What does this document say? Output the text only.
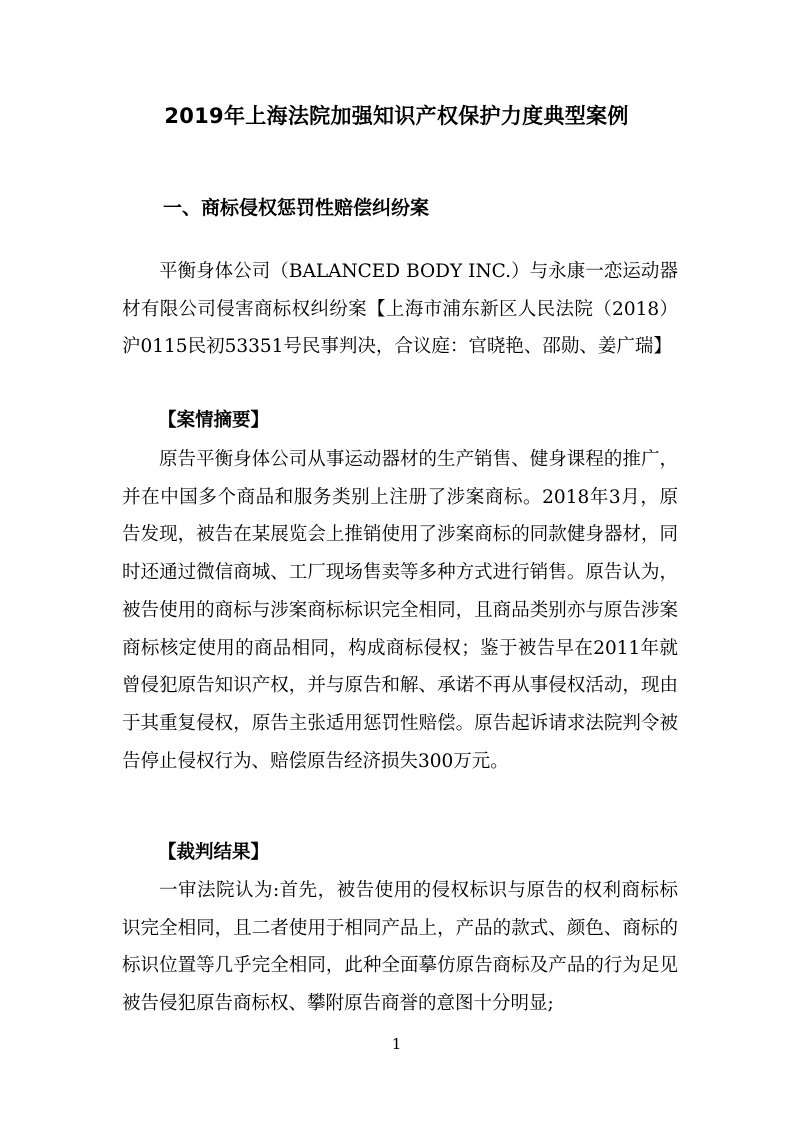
2019年上海法院加强知识产权保护力度典型案例
一、商标侵权惩罚性赔偿纠纷案

平衡身体公司（BALANCED BODY INC.）与永康一恋运动器材有限公司侵害商标权纠纷案【上海市浦东新区人民法院（2018）沪0115民初53351号民事判决，合议庭：官晓艳、邵勋、姜广瑞】

【案情摘要】

原告平衡身体公司从事运动器材的生产销售、健身课程的推广，并在中国多个商品和服务类别上注册了涉案商标。2018年3月，原告发现，被告在某展览会上推销使用了涉案商标的同款健身器材，同时还通过微信商城、工厂现场售卖等多种方式进行销售。原告认为，被告使用的商标与涉案商标标识完全相同，且商品类别亦与原告涉案商标核定使用的商品相同，构成商标侵权；鉴于被告早在2011年就曾侵犯原告知识产权，并与原告和解、承诺不再从事侵权活动，现由于其重复侵权，原告主张适用惩罚性赔偿。原告起诉请求法院判令被告停止侵权行为、赔偿原告经济损失300万元。

【裁判结果】

一审法院认为:首先，被告使用的侵权标识与原告的权利商标标识完全相同，且二者使用于相同产品上，产品的款式、颜色、商标的标识位置等几乎完全相同，此种全面摹仿原告商标及产品的行为足见被告侵犯原告商标权、攀附原告商誉的意图十分明显;

1
